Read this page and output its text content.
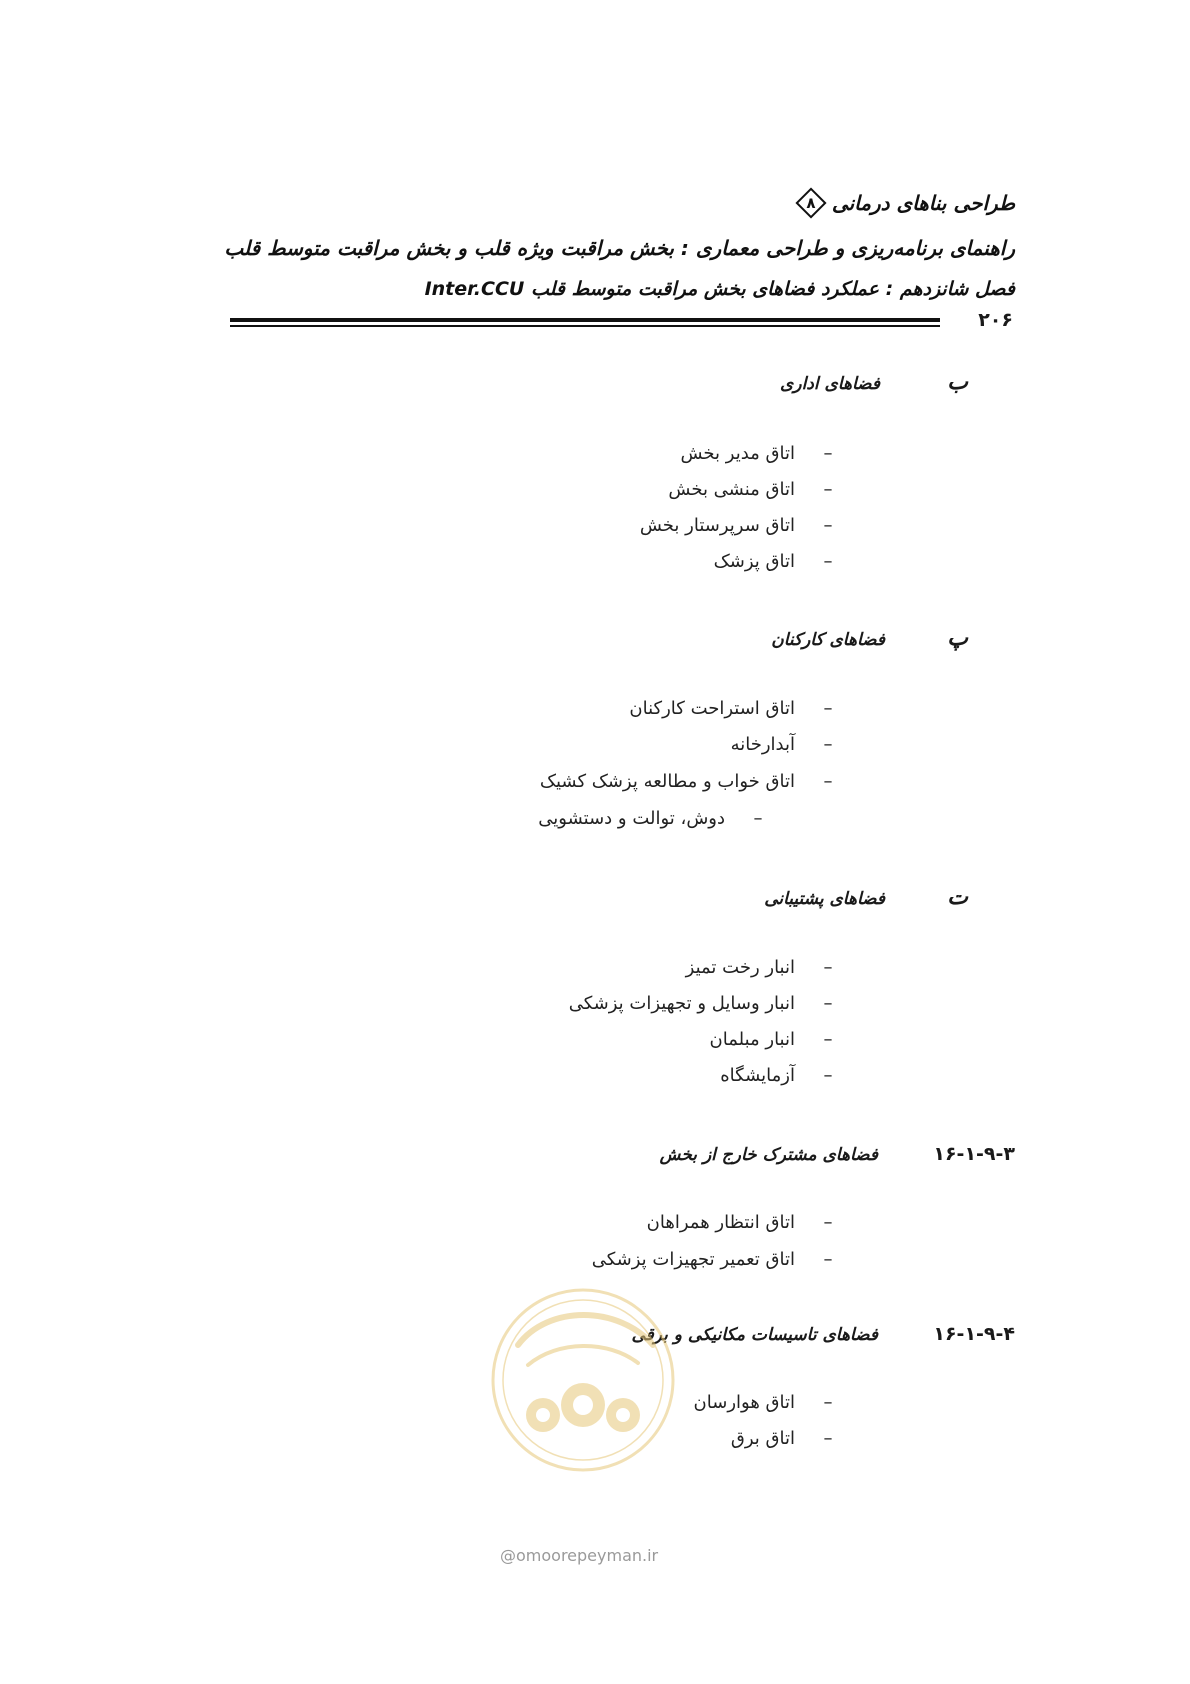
طراحی بناهای درمانی
۸
راهنمای برنامه‌ریزی و طراحی معماری : بخش مراقبت ویژه قلب و بخش مراقبت متوسط قلب
فصل شانزدهم : عملکرد فضاهای بخش مراقبت متوسط قلب Inter.CCU
۲۰۶
ب
فضاهای اداری
–
اتاق مدیر بخش
–
اتاق منشی بخش
–
اتاق سرپرستار بخش
–
اتاق پزشک
پ
فضاهای کارکنان
–
اتاق استراحت کارکنان
–
آبدارخانه
–
اتاق خواب و مطالعه پزشک کشیک
–
دوش، توالت و دستشویی
ت
فضاهای پشتیبانی
–
انبار رخت تمیز
–
انبار وسایل و تجهیزات پزشکی
–
انبار مبلمان
–
آزمایشگاه
۱۶-۱-۹-۳
فضاهای مشترک خارج از بخش
–
اتاق انتظار همراهان
–
اتاق تعمیر تجهیزات پزشکی
۱۶-۱-۹-۴
فضاهای تاسیسات مکانیکی و برقی
–
اتاق هوارسان
–
اتاق برق
@omoorepeyman.ir
